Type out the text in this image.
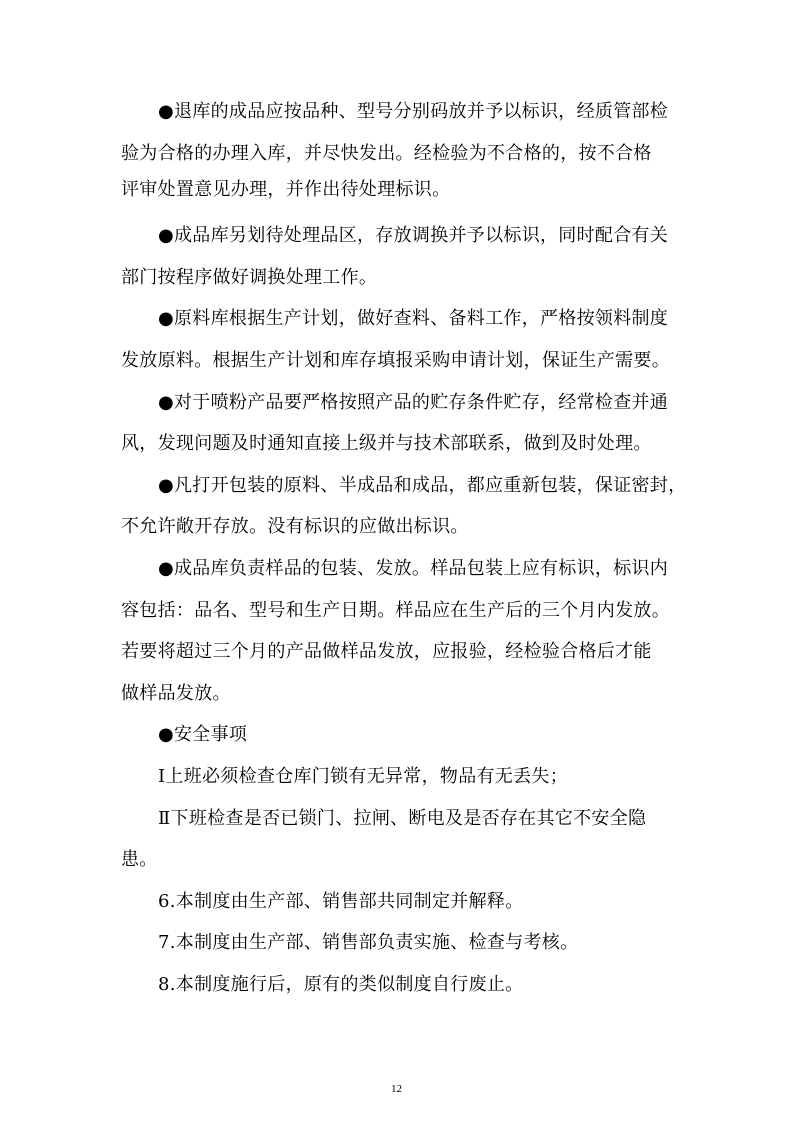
●退库的成品应按品种、型号分别码放并予以标识，经质管部检
验为合格的办理入库，并尽快发出。经检验为不合格的，按不合格
评审处置意见办理，并作出待处理标识。
●成品库另划待处理品区，存放调换并予以标识，同时配合有关
部门按程序做好调换处理工作。
●原料库根据生产计划，做好查料、备料工作，严格按领料制度
发放原料。根据生产计划和库存填报采购申请计划，保证生产需要。
●对于喷粉产品要严格按照产品的贮存条件贮存，经常检查并通
风，发现问题及时通知直接上级并与技术部联系，做到及时处理。
●凡打开包装的原料、半成品和成品，都应重新包装，保证密封，
不允许敞开存放。没有标识的应做出标识。
●成品库负责样品的包装、发放。样品包装上应有标识，标识内
容包括：品名、型号和生产日期。样品应在生产后的三个月内发放。
若要将超过三个月的产品做样品发放，应报验，经检验合格后才能
做样品发放。
●安全事项
Ⅰ上班必须检查仓库门锁有无异常，物品有无丢失；
Ⅱ下班检查是否已锁门、拉闸、断电及是否存在其它不安全隐
患。
6.本制度由生产部、销售部共同制定并解释。
7.本制度由生产部、销售部负责实施、检查与考核。
8.本制度施行后，原有的类似制度自行废止。
12
